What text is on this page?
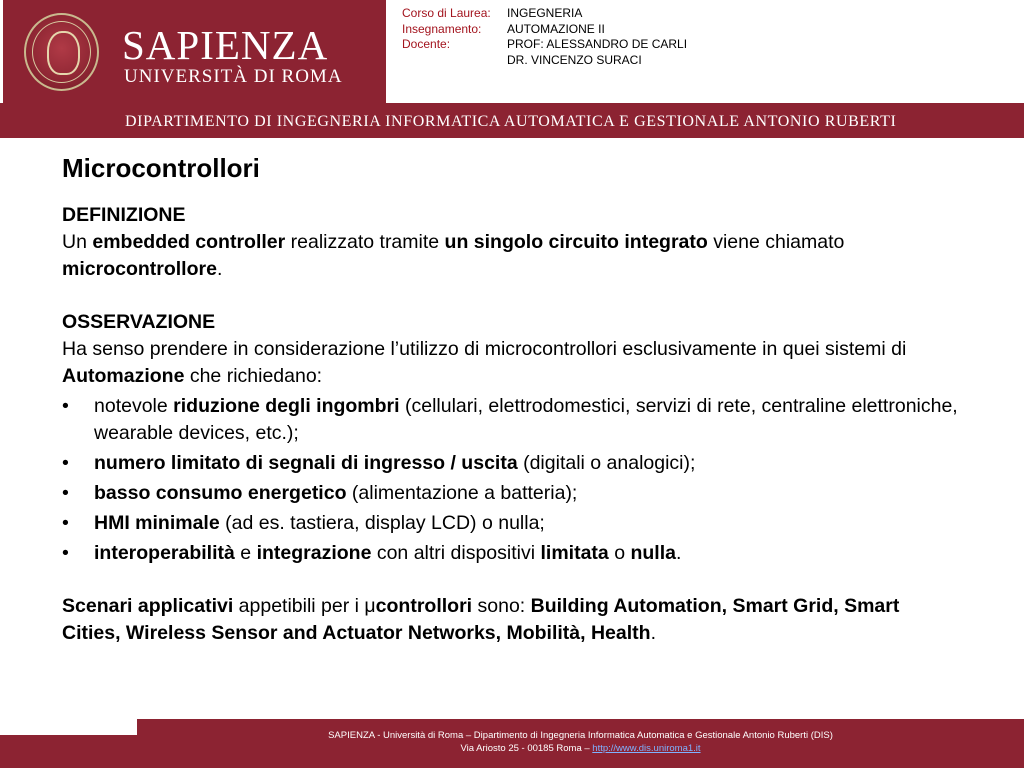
SAPIENZA
UNIVERSITÀ DI ROMA
Corso di Laurea:	INGEGNERIA
Insegnamento:	AUTOMAZIONE II
Docente:	PROF: ALESSANDRO DE CARLI
DR. VINCENZO SURACI
DIPARTIMENTO DI INGEGNERIA INFORMATICA AUTOMATICA E GESTIONALE ANTONIO RUBERTI
Microcontrollori

DEFINIZIONE

Un embedded controller realizzato tramite un singolo circuito integrato viene chiamato microcontrollore.

OSSERVAZIONE

Ha senso prendere in considerazione l’utilizzo di microcontrollori esclusivamente in quei sistemi di Automazione che richiedano:

• notevole riduzione degli ingombri (cellulari, elettrodomestici, servizi di rete, centraline elettroniche, wearable devices, etc.);
• numero limitato di segnali di ingresso / uscita (digitali o analogici);
• basso consumo energetico (alimentazione a batteria);
• HMI minimale (ad es. tastiera, display LCD) o nulla;
• interoperabilità e integrazione con altri dispositivi limitata o nulla.

Scenari applicativi appetibili per i μcontrollori sono: Building Automation, Smart Grid, Smart Cities, Wireless Sensor and Actuator Networks, Mobilità, Health.

SAPIENZA - Università di Roma – Dipartimento di Ingegneria Informatica Automatica e Gestionale Antonio Ruberti (DIS)
Via Ariosto 25 - 00185 Roma – http://www.dis.uniroma1.it
